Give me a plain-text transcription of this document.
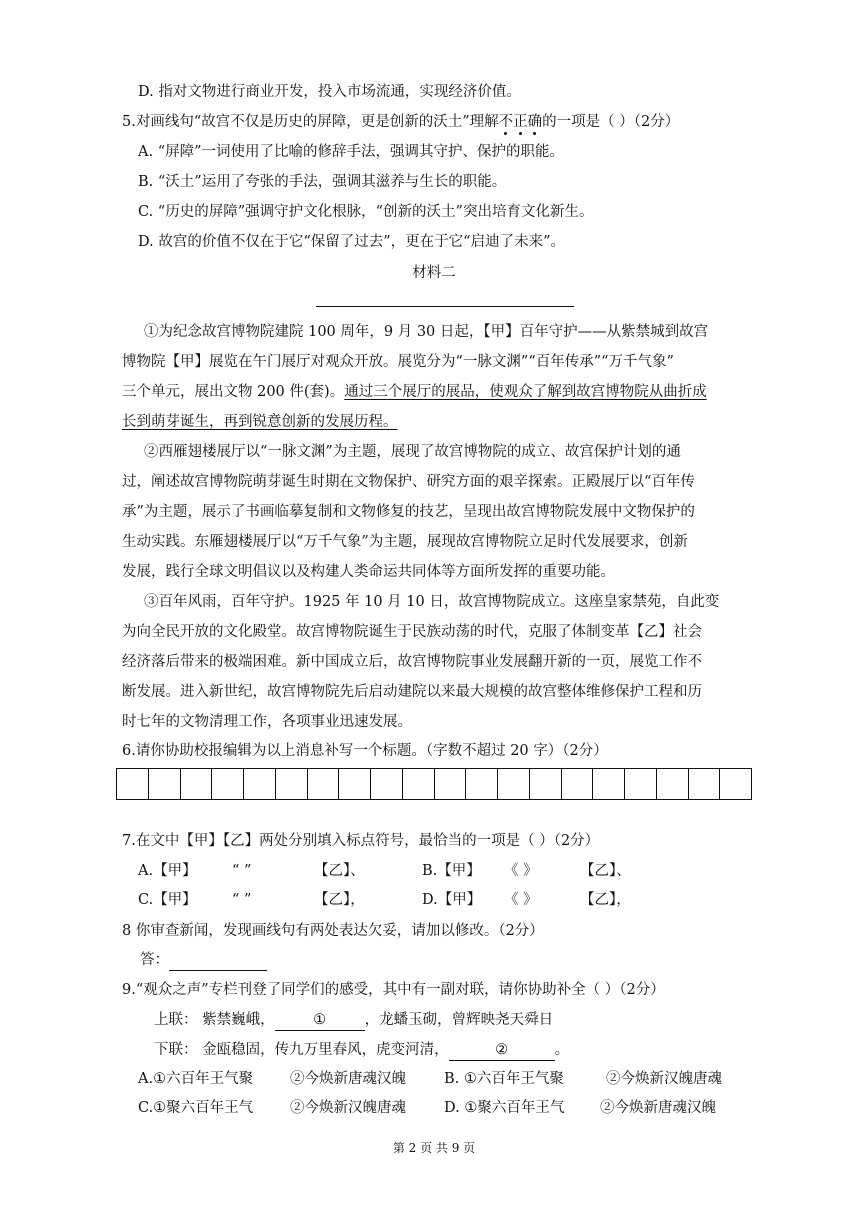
D. 指对文物进行商业开发，投入市场流通，实现经济价值。
5.对画线句“故宫不仅是历史的屏障，更是创新的沃土”理解不正确的一项是（ ）（2分）
A. “屏障”一词使用了比喻的修辞手法，强调其守护、保护的职能。
B. “沃土”运用了夸张的手法，强调其滋养与生长的职能。
C. “历史的屏障”强调守护文化根脉，“创新的沃土”突出培育文化新生。
D. 故宫的价值不仅在于它“保留了过去”，更在于它“启迪了未来”。
材料二
①为纪念故宫博物院建院 100 周年，9 月 30 日起，【甲】百年守护——从紫禁城到故宫
博物院【甲】展览在午门展厅对观众开放。展览分为“一脉文渊”“百年传承”“万千气象”
三个单元，展出文物 200 件(套)。通过三个展厅的展品，使观众了解到故宫博物院从曲折成
长到萌芽诞生，再到锐意创新的发展历程。
②西雁翅楼展厅以“一脉文渊”为主题，展现了故宫博物院的成立、故宫保护计划的通
过，阐述故宫博物院萌芽诞生时期在文物保护、研究方面的艰辛探索。正殿展厅以“百年传
承”为主题，展示了书画临摹复制和文物修复的技艺，呈现出故宫博物院发展中文物保护的
生动实践。东雁翅楼展厅以“万千气象”为主题，展现故宫博物院立足时代发展要求，创新
发展，践行全球文明倡议以及构建人类命运共同体等方面所发挥的重要功能。
③百年风雨，百年守护。1925 年 10 月 10 日，故宫博物院成立。这座皇家禁苑，自此变
为向全民开放的文化殿堂。故宫博物院诞生于民族动荡的时代，克服了体制变革【乙】社会
经济落后带来的极端困难。新中国成立后，故宫博物院事业发展翻开新的一页，展览工作不
断发展。进入新世纪，故宫博物院先后启动建院以来最大规模的故宫整体维修保护工程和历
时七年的文物清理工作，各项事业迅速发展。
6.请你协助校报编辑为以上消息补写一个标题。（字数不超过 20 字）（2分）
7.在文中【甲】【乙】两处分别填入标点符号，最恰当的一项是（ ）（2分）
A.【甲】 “ ”	【乙】、	B.【甲】 《 》	【乙】、
C.【甲】 “ ”	【乙】，	D.【甲】 《 》	【乙】，
8 你审查新闻，发现画线句有两处表达欠妥，请加以修改。（2分）
答：
9.“观众之声”专栏刊登了同学们的感受，其中有一副对联，请你协助补全（ ）（2分）
上联： 紫禁巍峨，	①	，龙蟠玉砌，曾辉映尧天舜日
下联： 金瓯稳固，传九万里春风，虎变河清，	②	。
A.①六百年王气聚	②今焕新唐魂汉魄	B. ①六百年王气聚	②今焕新汉魄唐魂
C.①聚六百年王气	②今焕新汉魄唐魂	D. ①聚六百年王气 ②今焕新唐魂汉魄
第 2 页 共 9 页
